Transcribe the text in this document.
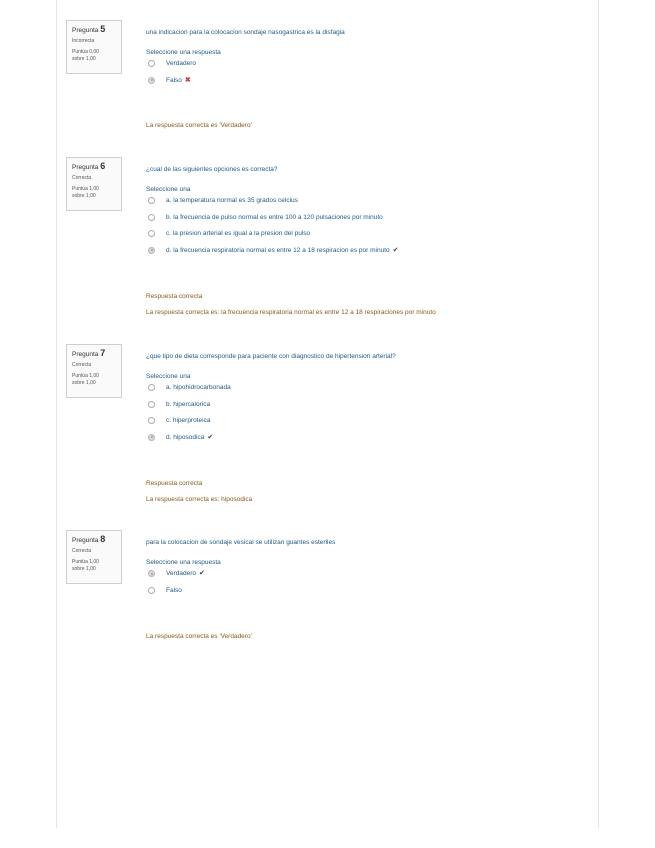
Pregunta 5
Incorrecta
Puntúa 0,00
sobre 1,00
una indicacion para la colocacion sondaje nasogastrica es la disfagia
Seleccione una respuesta
Verdadero
Falso ✖
La respuesta correcta es 'Verdadero'
Pregunta 6
Correcta
Puntúa 1,00
sobre 1,00
¿cual de las siguientes opciones es correcta?
Seleccione una
a. la temperatura normal es 35 grados celcius
b. la frecuencia de pulso normal es entre 100 a 120 pulsaciones por minuto
c. la presion arterial es igual a la presion del pulso
d. la frecuencia respiratoria normal es entre 12 a 18 respiracion es por minuto ✔
Respuesta correcta
La respuesta correcta es: la frecuencia respiratoria normal es entre 12 a 18 respiraciones por minuto
Pregunta 7
Correcta
Puntúa 1,00
sobre 1,00
¿que tipo de dieta corresponde para paciente con diagnostico de hipertension arterial?
Seleccione una
a. hipohidrocarbonada
b. hipercalorica
c. hiperproteica
d. hiposodica ✔
Respuesta correcta
La respuesta correcta es: hiposodica
Pregunta 8
Correcta
Puntúa 1,00
sobre 1,00
para la colocacion de sondaje vesical se utilizan guantes esteriles
Seleccione una respuesta
Verdadero ✔
Falso
La respuesta correcta es 'Verdadero'
